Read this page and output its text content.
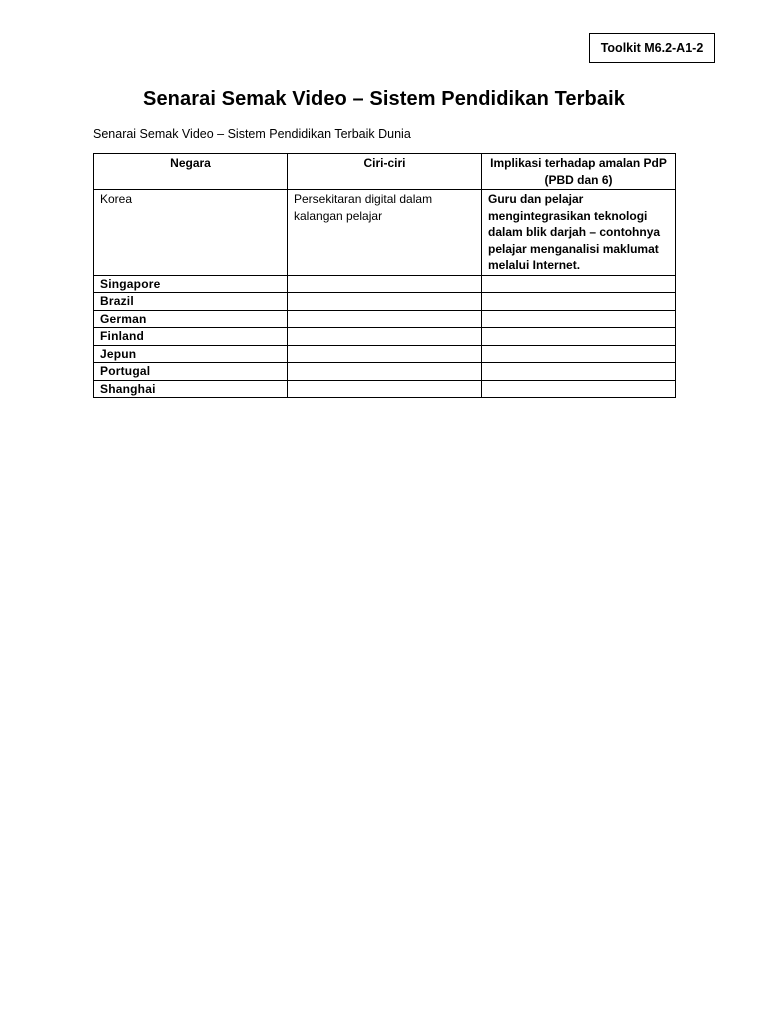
Toolkit M6.2-A1-2
Senarai Semak Video – Sistem Pendidikan Terbaik
Senarai Semak Video – Sistem Pendidikan Terbaik Dunia
Negara	Ciri-ciri	Implikasi terhadap amalan PdP (PBD dan 6)
Korea	Persekitaran digital dalam kalangan pelajar	Guru dan pelajar mengintegrasikan teknologi dalam blik darjah – contohnya pelajar menganalisi maklumat melalui Internet.
Singapore		
Brazil		
German		
Finland		
Jepun		
Portugal		
Shanghai		
